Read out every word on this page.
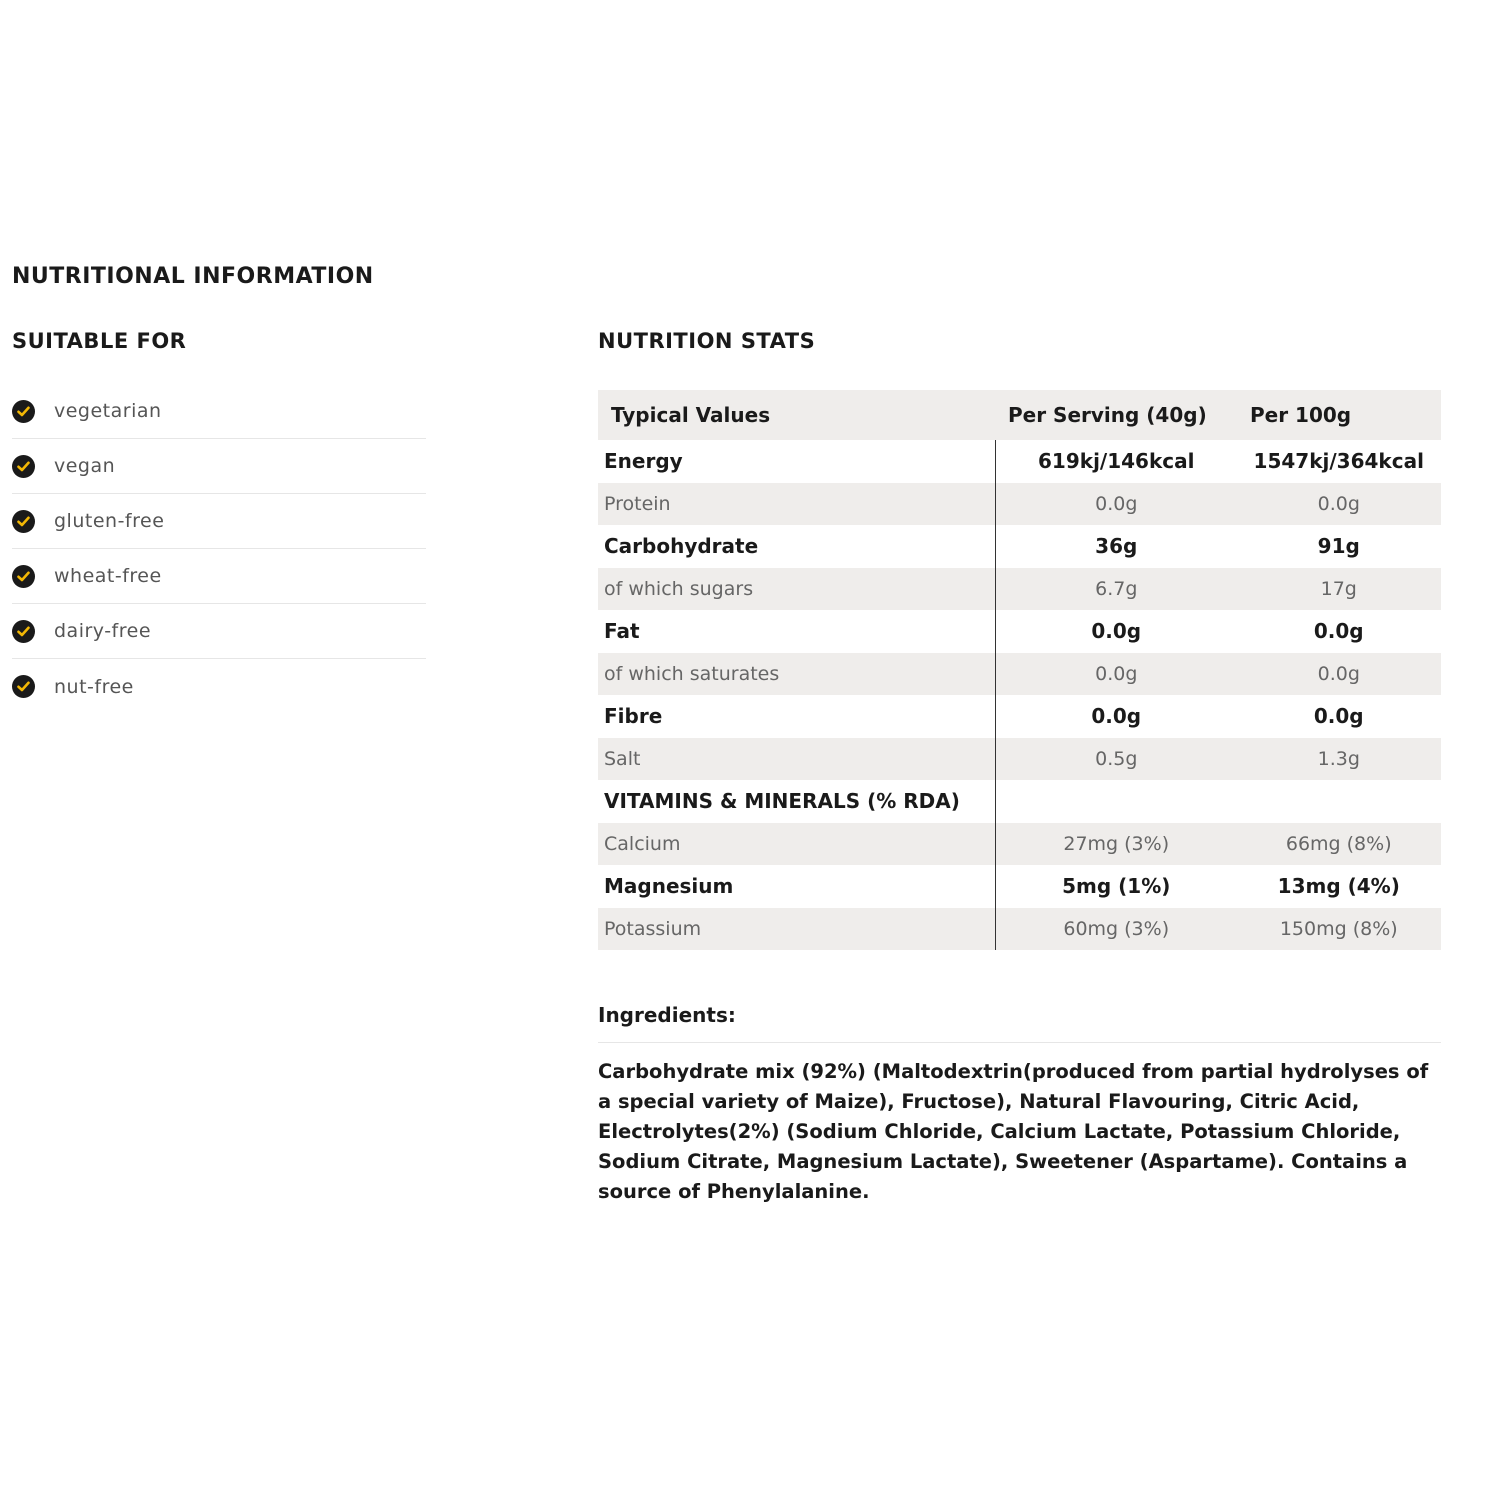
NUTRITIONAL INFORMATION
SUITABLE FOR
vegetarian
vegan
gluten-free
wheat-free
dairy-free
nut-free
NUTRITION STATS
Typical Values	Per Serving (40g)	Per 100g
Energy	619kj/146kcal	1547kj/364kcal
Protein	0.0g	0.0g
Carbohydrate	36g	91g
of which sugars	6.7g	17g
Fat	0.0g	0.0g
of which saturates	0.0g	0.0g
Fibre	0.0g	0.0g
Salt	0.5g	1.3g
VITAMINS & MINERALS (% RDA)		
Calcium	27mg (3%)	66mg (8%)
Magnesium	5mg (1%)	13mg (4%)
Potassium	60mg (3%)	150mg (8%)
Ingredients:

Carbohydrate mix (92%) (Maltodextrin(produced from partial hydrolyses of a special variety of Maize), Fructose), Natural Flavouring, Citric Acid, Electrolytes(2%) (Sodium Chloride, Calcium Lactate, Potassium Chloride, Sodium Citrate, Magnesium Lactate), Sweetener (Aspartame). Contains a source of Phenylalanine.
